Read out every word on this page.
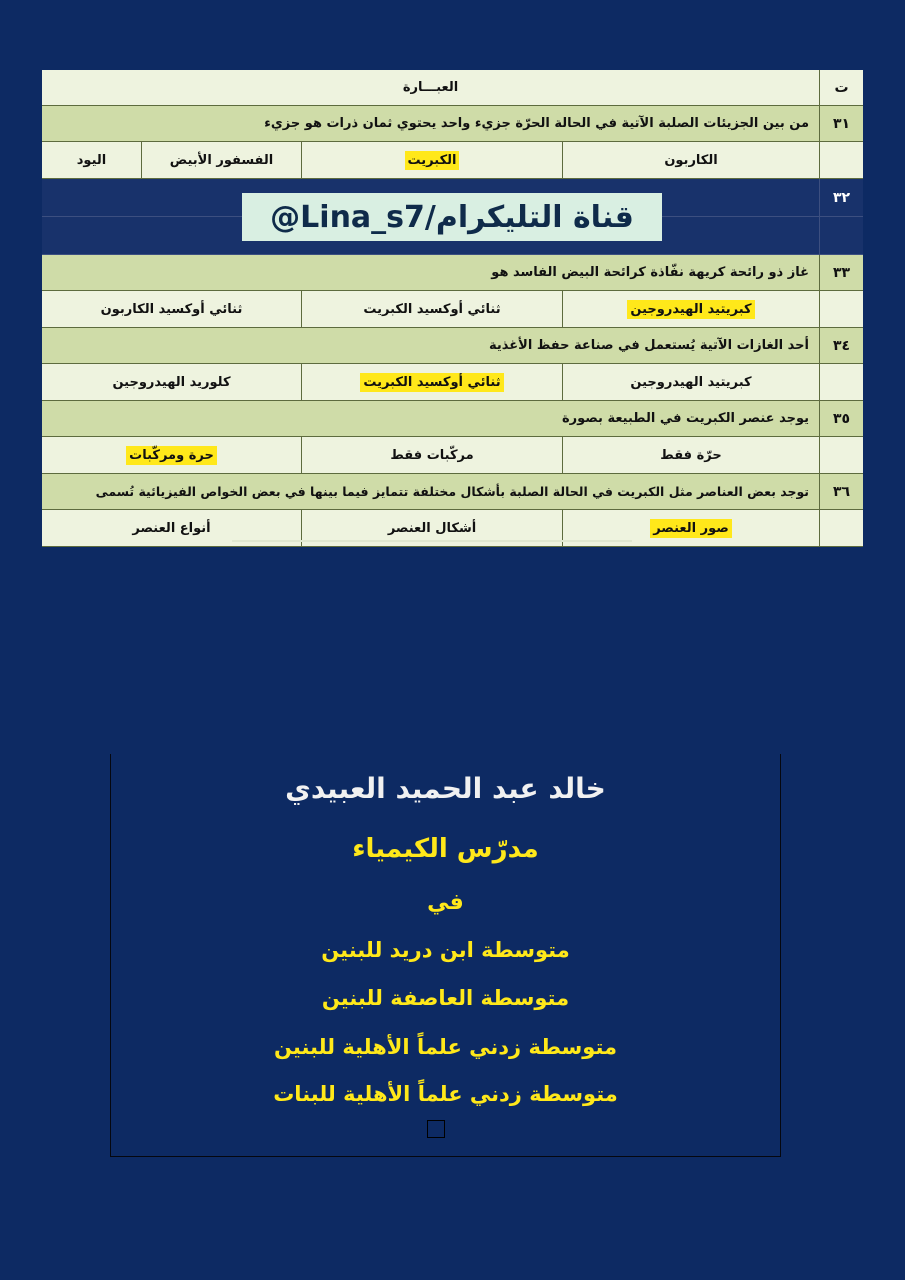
ت
العبـــارة
٣١
من بين الجزيئات الصلبة الآتية في الحالة الحرّة جزيء واحد يحتوي ثمان ذرات هو جزيء
الكاربون
الكبريت
الفسفور الأبيض
اليود
٣٢
٣٣
غاز ذو رائحة كريهة نفّاذة كرائحة البيض الفاسد هو
كبريتيد الهيدروجين
ثنائي أوكسيد الكبريت
ثنائي أوكسيد الكاربون
٣٤
أحد الغازات الآتية يُستعمل في صناعة حفظ الأغذية
كبريتيد الهيدروجين
ثنائي أوكسيد الكبريت
كلوريد الهيدروجين
٣٥
يوجد عنصر الكبريت في الطبيعة بصورة
حرّة فقط
مركّبات فقط
حرة ومركّبات
٣٦
توجد بعض العناصر مثل الكبريت في الحالة الصلبة بأشكال مختلفة تتمايز فيما بينها في بعض الخواص الفيزيائية تُسمى
صور العنصر
أشكال العنصر
أنواع العنصر
قناة التليكرام/Lina_s7@
خالد عبد الحميد العبيدي
مدرّس الكيمياء
في
متوسطة ابن دريد للبنين
متوسطة العاصفة للبنين
متوسطة زدني علماً الأهلية للبنين
متوسطة زدني علماً الأهلية للبنات
